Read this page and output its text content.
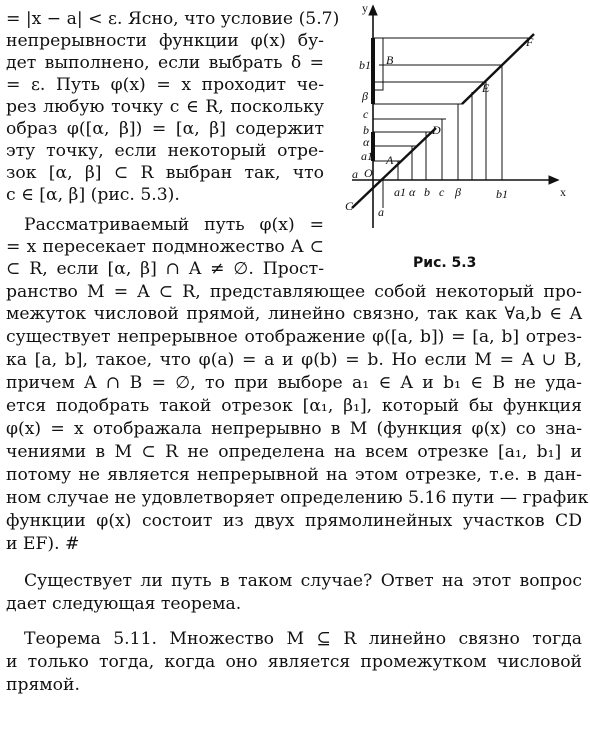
y
x
O
A
B
C
D
E
F
b1
β
c
α
b
a1
a
a1 α b c β	b1
a
Рис. 5.3
= |x − a| < ε. Ясно, что условие (5.7)
непрерывности функции φ(x) бу-
дет выполнено, если выбрать δ =
= ε. Путь φ(x) = x проходит че-
рез любую точку c ∈ R, поскольку
образ φ([α, β]) = [α, β] содержит
эту точку, если некоторый отре-
зок [α, β] ⊂ R выбран так, что
c ∈ [α, β] (рис. 5.3).
Рассматриваемый путь φ(x) =
= x пересекает подмножество A ⊂
⊂ R, если [α, β] ∩ A ≠ ∅. Прост-
ранство M = A ⊂ R, представляющее собой некоторый про-
межуток числовой прямой, линейно связно, так как ∀a,b ∈ A
существует непрерывное отображение φ([a, b]) = [a, b] отрез-
ка [a, b], такое, что φ(a) = a и φ(b) = b. Но если M = A ∪ B,
причем A ∩ B = ∅, то при выборе a₁ ∈ A и b₁ ∈ B не уда-
ется подобрать такой отрезок [α₁, β₁], который бы функция
φ(x) = x отображала непрерывно в M (функция φ(x) со зна-
чениями в M ⊂ R не определена на всем отрезке [a₁, b₁] и
потому не является непрерывной на этом отрезке, т.е. в дан-
ном случае не удовлетворяет определению 5.16 пути — график
функции φ(x) состоит из двух прямолинейных участков CD
и EF). #
Существует ли путь в таком случае? Ответ на этот вопрос
дает следующая теорема.
Теорема 5.11. Множество M ⊆ R линейно связно тогда
и только тогда, когда оно является промежутком числовой
прямой.
